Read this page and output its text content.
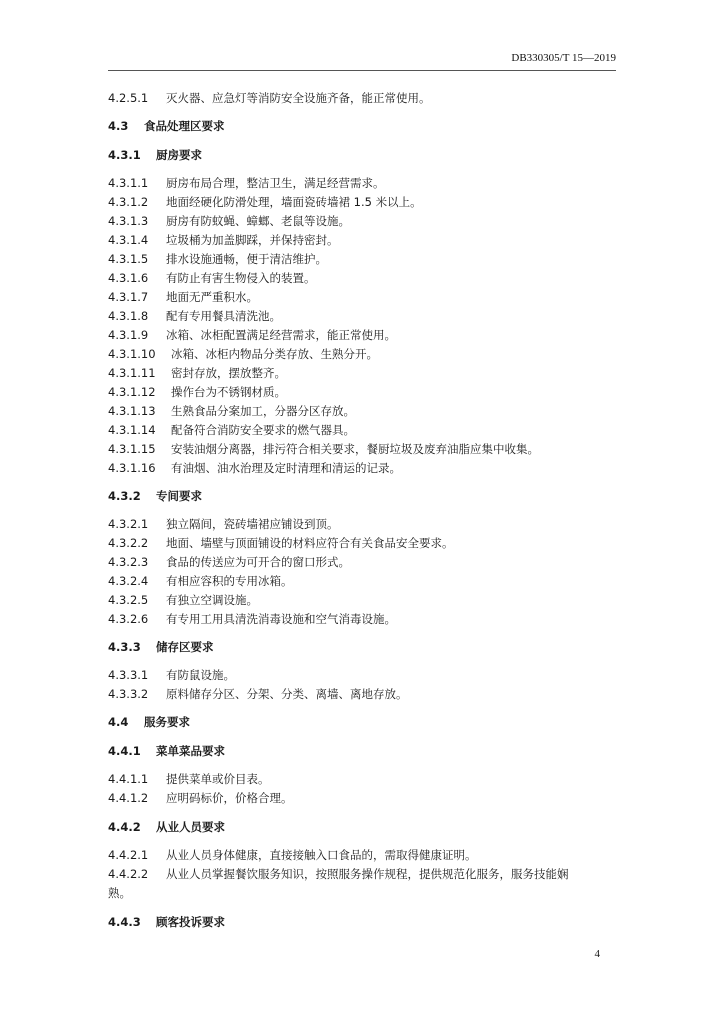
DB330305/T 15—2019
4.2.5.1 灭火器、应急灯等消防安全设施齐备，能正常使用。
4.3 食品处理区要求
4.3.1 厨房要求
4.3.1.1 厨房布局合理，整洁卫生，满足经营需求。
4.3.1.2 地面经硬化防滑处理，墙面瓷砖墙裙 1.5 米以上。
4.3.1.3 厨房有防蚊蝇、蟑螂、老鼠等设施。
4.3.1.4 垃圾桶为加盖脚踩，并保持密封。
4.3.1.5 排水设施通畅，便于清洁维护。
4.3.1.6 有防止有害生物侵入的装置。
4.3.1.7 地面无严重积水。
4.3.1.8 配有专用餐具清洗池。
4.3.1.9 冰箱、冰柜配置满足经营需求，能正常使用。
4.3.1.10 冰箱、冰柜内物品分类存放、生熟分开。
4.3.1.11 密封存放，摆放整齐。
4.3.1.12 操作台为不锈钢材质。
4.3.1.13 生熟食品分案加工，分器分区存放。
4.3.1.14 配备符合消防安全要求的燃气器具。
4.3.1.15 安装油烟分离器，排污符合相关要求，餐厨垃圾及废弃油脂应集中收集。
4.3.1.16 有油烟、油水治理及定时清理和清运的记录。
4.3.2 专间要求
4.3.2.1 独立隔间，瓷砖墙裙应铺设到顶。
4.3.2.2 地面、墙壁与顶面铺设的材料应符合有关食品安全要求。
4.3.2.3 食品的传送应为可开合的窗口形式。
4.3.2.4 有相应容积的专用冰箱。
4.3.2.5 有独立空调设施。
4.3.2.6 有专用工用具清洗消毒设施和空气消毒设施。
4.3.3 储存区要求
4.3.3.1 有防鼠设施。
4.3.3.2 原料储存分区、分架、分类、离墙、离地存放。
4.4 服务要求
4.4.1 菜单菜品要求
4.4.1.1 提供菜单或价目表。
4.4.1.2 应明码标价，价格合理。
4.4.2 从业人员要求
4.4.2.1 从业人员身体健康，直接接触入口食品的，需取得健康证明。
4.4.2.2 从业人员掌握餐饮服务知识，按照服务操作规程，提供规范化服务，服务技能娴
熟。
4.4.3 顾客投诉要求
4
